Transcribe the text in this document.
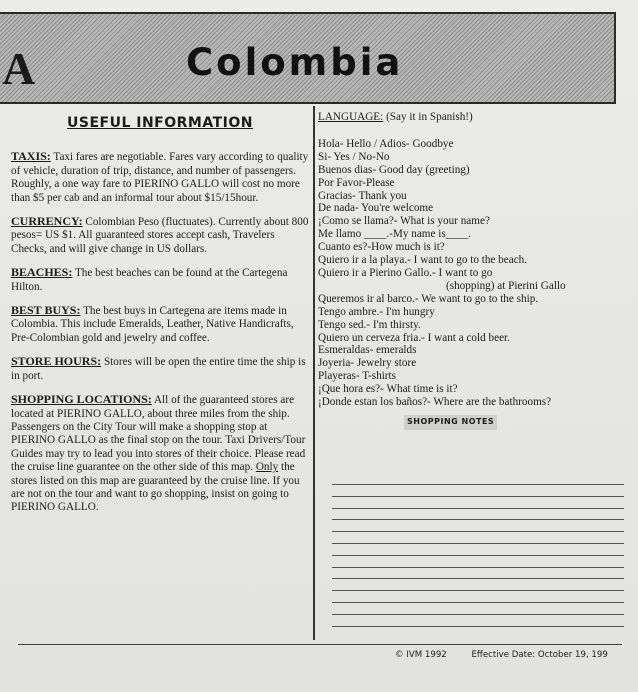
A	Colombia
USEFUL INFORMATION
TAXIS: Taxi fares are negotiable. Fares vary according to quality of vehicle, duration of trip, distance, and number of passengers. Roughly, a one way fare to PIERINO GALLO will cost no more than $5 per cab and an informal tour about $15/15hour.
CURRENCY: Colombian Peso (fluctuates). Currently about 800 pesos= US $1. All guaranteed stores accept cash, Travelers Checks, and will give change in US dollars.
BEACHES: The best beaches can be found at the Cartegena Hilton.
BEST BUYS: The best buys in Cartegena are items made in Colombia. This include Emeralds, Leather, Native Handicrafts, Pre-Colombian gold and jewelry and coffee.
STORE HOURS: Stores will be open the entire time the ship is in port.
SHOPPING LOCATIONS: All of the guaranteed stores are located at PIERINO GALLO, about three miles from the ship. Passengers on the City Tour will make a shopping stop at PIERINO GALLO as the final stop on the tour. Taxi Drivers/Tour Guides may try to lead you into stores of their choice. Please read the cruise line guarantee on the other side of this map. Only the stores listed on this map are guaranteed by the cruise line. If you are not on the tour and want to go shopping, insist on going to PIERINO GALLO.
LANGUAGE: (Say it in Spanish!)
Hola- Hello / Adios- Goodbye
Si- Yes / No-No
Buenos dias- Good day (greeting)
Por Favor-Please
Gracias- Thank you
De nada- You're welcome
¡Como se llama?- What is your name?
Me llamo ____.-My name is____.
Cuanto es?-How much is it?
Quiero ir a la playa.- I want to go to the beach.
Quiero ir a Pierino Gallo.- I want to go
(shopping) at Pierini Gallo
Queremos ir al barco.- We want to go to the ship.
Tengo ambre.- I'm hungry
Tengo sed.- I'm thirsty.
Quiero un cerveza fria.- I want a cold beer.
Esmeraldas- emeralds
Joyeria- Jewelry store
Playeras- T-shirts
¡Que hora es?- What time is it?
¡Donde estan los baños?- Where are the bathrooms?
SHOPPING NOTES
© IVM 1992	Effective Date: October 19, 199
